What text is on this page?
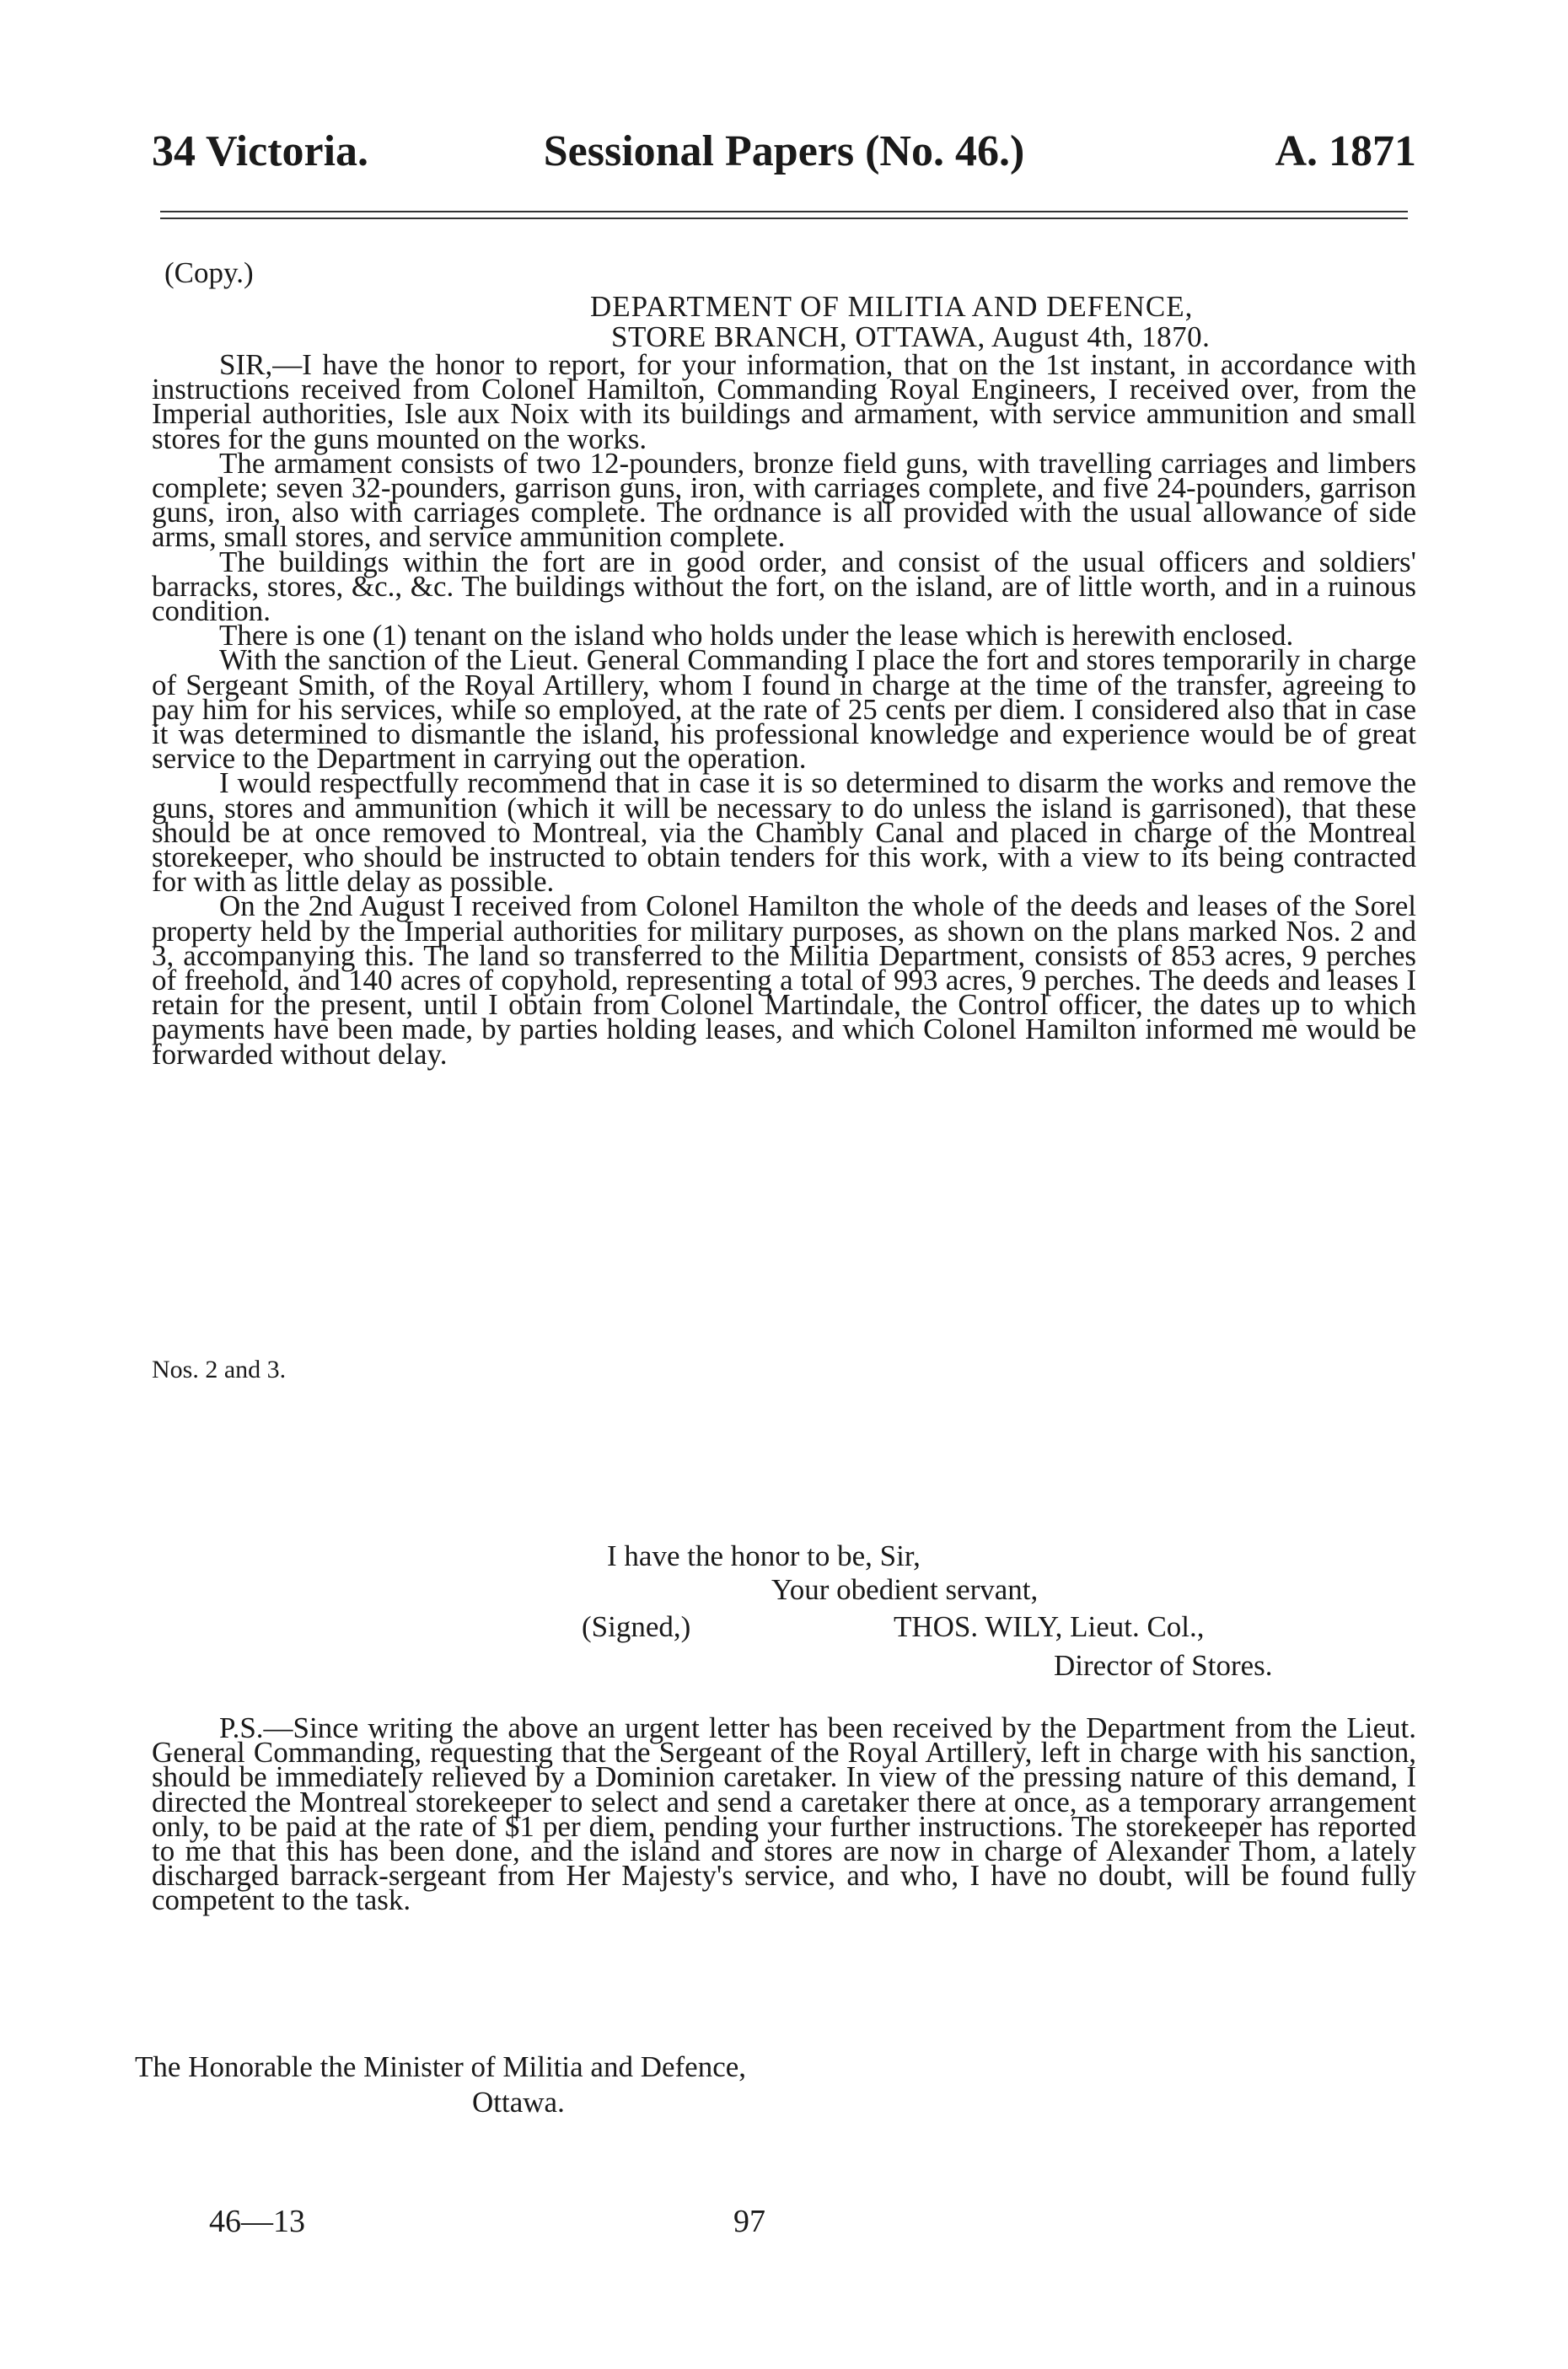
34 Victoria.	Sessional Papers (No. 46.)	A. 1871
(Copy.)
DEPARTMENT OF MILITIA AND DEFENCE,
STORE BRANCH, OTTAWA, August 4th, 1870.

SIR,—I have the honor to report, for your information, that on the 1st instant, in accordance with instructions received from Colonel Hamilton, Commanding Royal Engineers, I received over, from the Imperial authorities, Isle aux Noix with its buildings and armament, with service ammunition and small stores for the guns mounted on the works.

The armament consists of two 12-pounders, bronze field guns, with travelling carriages and limbers complete; seven 32-pounders, garrison guns, iron, with carriages complete, and five 24-pounders, garrison guns, iron, also with carriages complete. The ordnance is all provided with the usual allowance of side arms, small stores, and service ammunition complete.

The buildings within the fort are in good order, and consist of the usual officers and soldiers' barracks, stores, &c., &c. The buildings without the fort, on the island, are of little worth, and in a ruinous condition.

There is one (1) tenant on the island who holds under the lease which is herewith enclosed.

With the sanction of the Lieut. General Commanding I place the fort and stores temporarily in charge of Sergeant Smith, of the Royal Artillery, whom I found in charge at the time of the transfer, agreeing to pay him for his services, while so employed, at the rate of 25 cents per diem. I considered also that in case it was determined to dismantle the island, his professional knowledge and experience would be of great service to the Department in carrying out the operation.

I would respectfully recommend that in case it is so determined to disarm the works and remove the guns, stores and ammunition (which it will be necessary to do unless the island is garrisoned), that these should be at once removed to Montreal, via the Chambly Canal and placed in charge of the Montreal storekeeper, who should be instructed to obtain tenders for this work, with a view to its being contracted for with as little delay as possible.

On the 2nd August I received from Colonel Hamilton the whole of the deeds and leases of the Sorel property held by the Imperial authorities for military purposes, as shown on the plans marked Nos. 2 and 3, accompanying this. The land so transferred to the Militia Department, consists of 853 acres, 9 perches of freehold, and 140 acres of copyhold, representing a total of 993 acres, 9 perches. The deeds and leases I retain for the present, until I obtain from Colonel Martindale, the Control officer, the dates up to which payments have been made, by parties holding leases, and which Colonel Hamilton informed me would be forwarded without delay.

Nos. 2 and 3.
I have the honor to be, Sir,
Your obedient servant,
(Signed,)	THOS. WILY, Lieut. Col.,
Director of Stores.

P.S.—Since writing the above an urgent letter has been received by the Department from the Lieut. General Commanding, requesting that the Sergeant of the Royal Artillery, left in charge with his sanction, should be immediately relieved by a Dominion caretaker. In view of the pressing nature of this demand, I directed the Montreal storekeeper to select and send a caretaker there at once, as a temporary arrangement only, to be paid at the rate of $1 per diem, pending your further instructions. The storekeeper has reported to me that this has been done, and the island and stores are now in charge of Alexander Thom, a lately discharged barrack-sergeant from Her Majesty's service, and who, I have no doubt, will be found fully competent to the task.

The Honorable the Minister of Militia and Defence,
Ottawa.
46—13	97
